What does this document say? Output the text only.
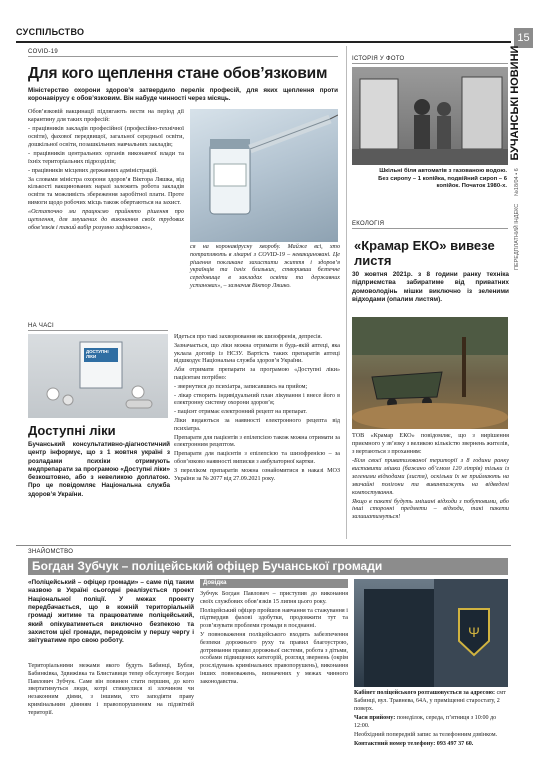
СУСПІЛЬСТВО	15
ПЕРЕДПЛАТНИЙ ІНДЕКС №18/04 • 6 БУЧАНСЬКІ НОВИНИ
COVID-19
Для кого щеплення стане обов’язковим
Міністерство охорони здоров’я затвердило перелік професій, для яких щеплення проти коронавірусу є обов’язковим. Він набуде чинності через місяць.

Обов’язковій вакцинації підлягають вести на період дії карантину для таких професій:

- працівників закладів професійної (професійно-технічної освіти), фахової передвищої, загальної середньої освіти, дошкільної освіти, позашкільних навчальних закладів;

- працівників центральних органів виконавчої влади та їхніх територіальних підрозділів;

- працівників місцевих державних адміністрацій.

За словами міністра охорони здоров’я Віктора Ляшка, від кількості вакцинованих наразі залежить робота закладів освіти та можливість збереження заробітної плати. Проте вимоги щодо робочих місць також обертаються на захист.

«Остаточно ми працюємо прийнято рішення про щеплення, для змушених до виконання своїх трудових обов’язків і такий вибір розумно зафіксовано»,

ся на коронавірусну хворобу. Майже всі, хто потрапляють в лікарні з COVID-19 – невакциновані. Це рішення покликане захистити життя і здоров’я українців та їхніх близьких, створивши безпечне середовище в закладах освіти та державних установах», – зазначив Віктор Ляшко.
ІСТОРІЯ У ФОТО
Шкільні біля автоматів з газованою водою. Без сиропу – 1 копійка, подвійний сироп – 6 копійок. Початок 1980-х.
ЕКОЛОГІЯ
«Крамар ЕКО» вивезе листя
30 жовтня 2021р. з 8 години ранку техніка підприємства забиратиме від приватних домоволодінь мішки виключно із зеленими відходами (опалим листям).

ТОВ «Крамар ЕКО» повідомляє, що з вирішення приємного у зв’язку з великою кількістю звернень жителів, з вертаються з проханням:

-Біля своєї приватизованої території з 8 години ранку виставити мішки (бажано об’ємом 120 літрів) тільки із зеленими відходами (листя), оскільки їх не приймають на звичайні полігони та вивантажуть на відведені компостування.

Якщо в пакеті будуть змішані відходи з побутовими, або інші сторонні предмети – відходи, такі пакети залишатимуться!

НА ЧАСІ
ДОСТУПНІ ЛІКИ
Доступні ліки
Бучанський консультативно-діагностичний центр інформує, що з 1 жовтня україні з розладами психіки отримують медпрепарати за програмою «Доступні ліки» безкоштовно, або з невеликою доплатою. Про це повідомляє Національна служба здоров’я України.

Йдеться про такі захворювання як шизофренія, депресія.

Зазначається, що ліки можна отримати в будь-якій аптеці, яка уклала договір із НСЗУ. Вартість таких препаратів аптеці відшкодує Національна служба здоров’я України.

Аби отримати препарати за програмою «Доступні ліки» пацієнтам потрібно:

- звернутися до психіатра, записавшись на прийом;

- лікар створить індивідуальний план лікування і внесе його в електронну систему охорони здоров’я;

- пацієнт отримає електронний рецепт на препарат.

Ліки видаються за наявності електронного рецепта від психіатра.

Препарати для пацієнтів з епілепсією також можна отримати за електронним рецептом.

Препарати для пацієнтів з епілепсією та шизофренією – за обов’язково наявності виписки з амбулаторної картки.

З переліком препаратів можна ознайомитися в наказі МОЗ України за № 2077 від 27.09.2021 року.

ЗНАЙОМСТВО
Богдан Зубчук – поліцейський офіцер Бучанської громади
«Поліцейський – офіцер громади» – саме під таким назвою в Україні сьогодні реалізується проект Національної поліції. У межах проекту передбачається, що в кожній територіальній громаді житиме та працюватиме поліцейський, який опікуватиметься виключно безпекою та захистом цієї громади, передовсім у першу чергу і звітуватиме про свою роботу.
Територіальними межами якого будуть Бабинці, Бубля, Бабинківка, Здвижівка та Блиставиця тепер обслуговує Богдан Павлович Зубчук. Саме він повинен стати першим, до кого звертатимуться люди, котрі стикнулися зі злочином чи незаконним діями, з іншими, хто заподіяти праву кримінальним діянням і правопорушенням на підзвітній території.
Довідка

Зубчук Богдан Павлович – приступив до виконання своїх службових обов’язків 15 липня цього року.

Поліцейський офіцер пройшов навчання та стажування і підтвердив фахові здобутки, продовжити тут та розв’язувати проблеми громади в поєднанні.

У повноваження поліцейського входить забезпечення безпеки дорожнього руху та правил благоустрою, дотримання правил дорожньої системи, робота з дітьми, особами підвищених категорій, розгляд звернень (окрім розслідувань кримінальних правопорушень), виконання інших повноважень, визначених у межах чинного законодавства.

Ψ

Кабінет поліцейського розташовується за адресою: смт Бабинці, вул. Травнева, 64А, у приміщенні старостату, 2 поверх.

Часи прийому: понеділок, середа, п’ятниця з 10:00 до 12:00.

Необхідний попередній запис за телефонним дзвінком.

Контактний номер телефону: 093 497 37 60.
